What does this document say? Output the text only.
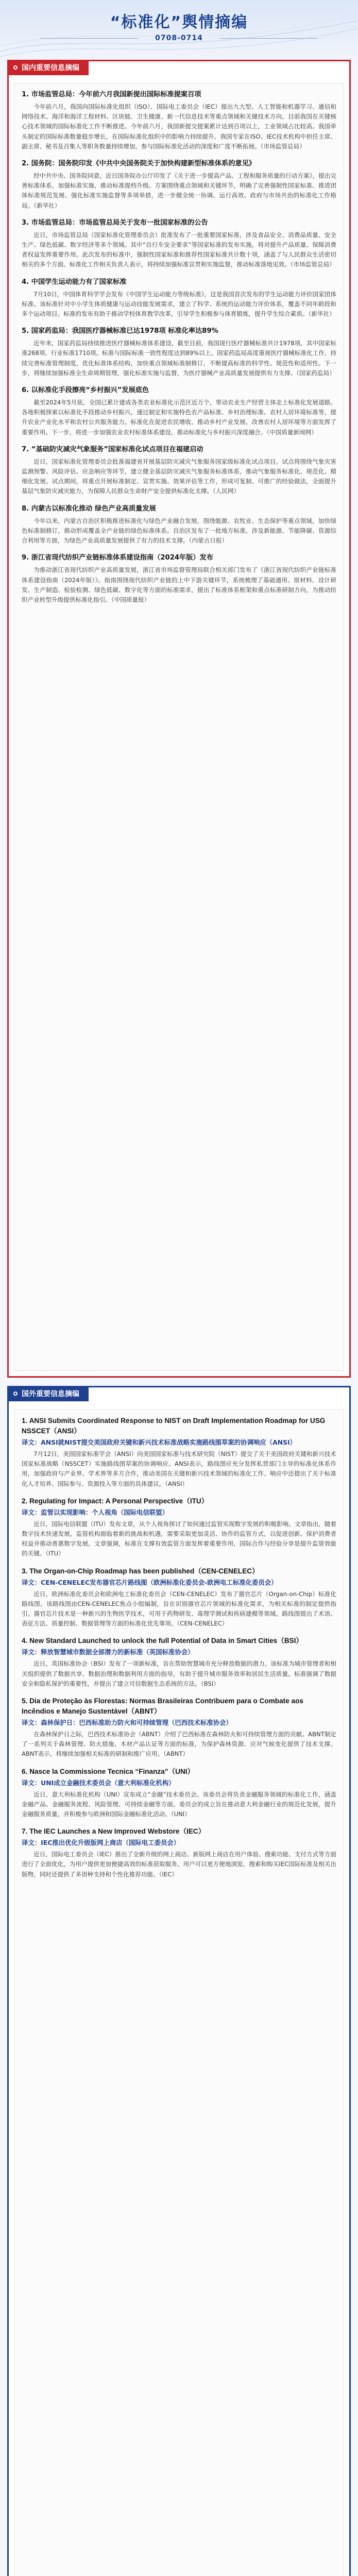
“标准化”舆情摘编
0708-0714
国内重要信息摘编
1. 市场监管总局：今年前六月我国新提出国际标准提案百项
今年前六月，我国向国际标准化组织（ISO）、国际电工委员会（IEC）提出九大型、人工智能和机器学习、通信和网络技术、海洋和海洋工程材料、区块链、卫生健康、新一代信息技术等重点领域和关键技术方向。目前我国在关键核心技术领域的国际标准化工作不断推进。今年前六月，我国新提交提案累计达到百项以上，工业领域占比较高。我国牵头制定的国际标准数量稳步增长，在国际标准化组织中的影响力持续提升。我国专家在ISO、IEC技术机构中担任主席、副主席、秘书及召集人等职务数量持续增加，参与国际标准化活动的深度和广度不断拓展。（市场监管总局）
2. 国务院：国务院印发《中共中央国务院关于加快构建新型标准体系的意见》
经中共中央、国务院同意，近日国务院办公厅印发了《关于进一步提高产品、工程和服务质量的行动方案》，提出完善标准体系，加强标准实施，推动标准提档升级。方案围绕重点领域和关键环节，明确了完善强制性国家标准、推进团体标准规范发展、强化标准实施监督等多项举措，进一步健全统一协调、运行高效、政府与市场共治的标准化工作格局。（新华社）
3. 市场监管总局：市场监管总局关于发布一批国家标准的公告
近日，市场监管总局（国家标准化管理委员会）批准发布了一批重要国家标准，涉及食品安全、消费品质量、安全生产、绿色低碳、数字经济等多个领域。其中“自行车安全要求”等国家标准的发布实施，将对提升产品质量、保障消费者权益发挥重要作用。此次发布的标准中，强制性国家标准和推荐性国家标准共计数十项，涵盖了与人民群众生活密切相关的多个方面。标准化工作相关负责人表示，将持续加强标准宣贯和实施监督，推动标准落地见效。（市场监管总局）
4. 中国学生运动能力有了国家标准
7月10日，中国体育科学学会发布《中国学生运动能力等级标准》，这是我国首次发布的学生运动能力评价国家团体标准。该标准针对中小学生体质健康与运动技能发展需求，建立了科学、系统的运动能力评价体系，覆盖不同年龄段和多个运动项目。标准的发布有助于推动学校体育教学改革，引导学生积极参与体育锻炼，提升学生综合素质。（新华社）
5. 国家药监局：我国医疗器械标准已达1978项 标准化率达89%
近年来，国家药监局持续推进医疗器械标准体系建设，截至目前，我国现行医疗器械标准共计1978项，其中国家标准268项、行业标准1710项。标准与国际标准一致性程度达到89%以上。国家药监局高度重视医疗器械标准化工作，持续完善标准管理制度，优化标准体系结构，加快重点领域标准制修订，不断提高标准的科学性、规范性和适用性。下一步，将继续加强标准全生命周期管理，强化标准实施与监督，为医疗器械产业高质量发展提供有力支撑。（国家药监局）
6. 以标准化手段擦亮“乡村振兴”发展底色
截至2024年5月底，全国已累计建成各类农业标准化示范区近万个，带动农业生产经营主体走上标准化发展道路。各地积极探索以标准化手段推动乡村振兴，通过制定和实施特色农产品标准、乡村治理标准、农村人居环境标准等，提升农业产业化水平和农村公共服务能力。标准化在促进农民增收、推动乡村产业发展、改善农村人居环境等方面发挥了重要作用。下一步，将进一步加强农业农村标准体系建设，推动标准化与乡村振兴深度融合。（中国质量新闻网）
7. “基础防灾减灾气象服务”国家标准化试点项目在福建启动
近日，国家标准化管理委员会批准福建省开展基层防灾减灾气象服务国家级标准化试点项目。试点将围绕气象灾害监测预警、风险评估、应急响应等环节，建立健全基层防灾减灾气象服务标准体系，推动气象服务标准化、规范化、精细化发展。试点期间，将重点开展标准制定、宣贯实施、效果评估等工作，形成可复制、可推广的经验做法，全面提升基层气象防灾减灾能力，为保障人民群众生命财产安全提供标准化支撑。（人民网）
8. 内蒙古以标准化推动 绿色产业高质量发展
今年以来，内蒙古自治区积极推进标准化与绿色产业融合发展，围绕能源、农牧业、生态保护等重点领域，加快绿色标准制修订，推动形成覆盖全产业链的绿色标准体系。自治区发布了一批地方标准，涉及新能源、节能降碳、资源综合利用等方面，为绿色产业高质量发展提供了有力的技术支撑。（内蒙古日报）
9. 浙江省现代纺织产业链标准体系建设指南（2024年版）发布
为推动浙江省现代纺织产业高质量发展，浙江省市场监督管理局联合相关部门发布了《浙江省现代纺织产业链标准体系建设指南（2024年版）》。指南围绕现代纺织产业链的上中下游关键环节，系统梳理了基础通用、原材料、设计研发、生产制造、检验检测、绿色低碳、数字化等方面的标准需求，提出了标准体系框架和重点标准研制方向，为推动纺织产业转型升级提供标准化指引。（中国质量报）
国外重要信息摘编
1. ANSI Submits Coordinated Response to NIST on Draft Implementation Roadmap for USG NSSCET（ANSI）
译文：ANSI就NIST提交美国政府关键和新兴技术标准战略实施路线图草案的协调响应（ANSI）
7月12日，美国国家标准学会（ANSI）向美国国家标准与技术研究院（NIST）提交了关于美国政府关键和新兴技术国家标准战略（NSSCET）实施路线图草案的协调响应。ANSI表示，路线图应充分发挥私营部门主导的标准化体系作用，加强政府与产业界、学术界等多方合作，推动美国在关键和新兴技术领域的标准化工作。响应中还提出了关于标准化人才培养、国际参与、资源投入等方面的具体建议。（ANSI）
2. Regulating for Impact: A Personal Perspective（ITU）
译文：监管以实现影响：个人视角（国际电信联盟）
近日，国际电信联盟（ITU）发布文章，从个人视角探讨了如何通过监管实现数字发展的积极影响。文章指出，随着数字技术快速发展，监管机构面临着新的挑战和机遇，需要采取更加灵活、协作的监管方式，以促进创新、保护消费者权益并推动普惠数字发展。文章强调，标准在支撑有效监管方面发挥着重要作用，国际合作与经验分享是提升监管效能的关键。（ITU）
3. The Organ-on-Chip Roadmap has been published（CEN-CENELEC）
译文：CEN-CENELEC发布器官芯片路线图（欧洲标准化委员会-欧洲电工标准化委员会）
近日，欧洲标准化委员会和欧洲电工标准化委员会（CEN-CENELEC）发布了器官芯片（Organ-on-Chip）标准化路线图。该路线图由CEN-CENELEC焦点小组编制，旨在识别器官芯片领域的标准化需求，为相关标准的制定提供指引。器官芯片技术是一种新兴的生物医学技术，可用于药物研发、毒理学测试和疾病建模等领域。路线图提出了术语、表征方法、质量控制、数据管理等方面的标准化优先事项。（CEN-CENELEC）
4. New Standard Launched to unlock the full Potential of Data in Smart Cities（BSI）
译文：释放智慧城市数据全部潜力的新标准（英国标准协会）
近日，英国标准协会（BSI）发布了一项新标准，旨在帮助智慧城市充分释放数据的潜力。该标准为城市管理者和相关组织提供了数据共享、数据治理和数据利用方面的指导，有助于提升城市服务效率和居民生活质量。标准强调了数据安全和隐私保护的重要性，并提出了建立可信数据生态系统的方法。（BSI）
5. Dia de Proteção às Florestas: Normas Brasileiras Contribuem para o Combate aos Incêndios e Manejo Sustentável（ABNT）
译文：森林保护日：巴西标准助力防火和可持续管理（巴西技术标准协会）
在森林保护日之际，巴西技术标准协会（ABNT）介绍了巴西标准在森林防火和可持续管理方面的贡献。ABNT制定了一系列关于森林管理、防火措施、木材产品认证等方面的标准，为保护森林资源、应对气候变化提供了技术支撑。ABNT表示，将继续加强相关标准的研制和推广应用。（ABNT）
6. Nasce la Commissione Tecnica “Finanza”（UNI）
译文：UNI成立金融技术委员会（意大利标准化机构）
近日，意大利标准化机构（UNI）宣布成立“金融”技术委员会。该委员会将负责金融服务领域的标准化工作，涵盖金融产品、金融服务流程、风险管理、可持续金融等方面。委员会的成立旨在推动意大利金融行业的规范化发展，提升金融服务质量，并积极参与欧洲和国际金融标准化活动。（UNI）
7. The IEC Launches a New Improved Webstore（IEC）
译文：IEC推出优化升级版网上商店（国际电工委员会）
近日，国际电工委员会（IEC）推出了全新升级的网上商店。新版网上商店在用户体验、搜索功能、支付方式等方面进行了全面优化，为用户提供更加便捷高效的标准获取服务。用户可以更方便地浏览、搜索和购买IEC国际标准及相关出版物，同时还提供了多语种支持和个性化推荐功能。（IEC）
